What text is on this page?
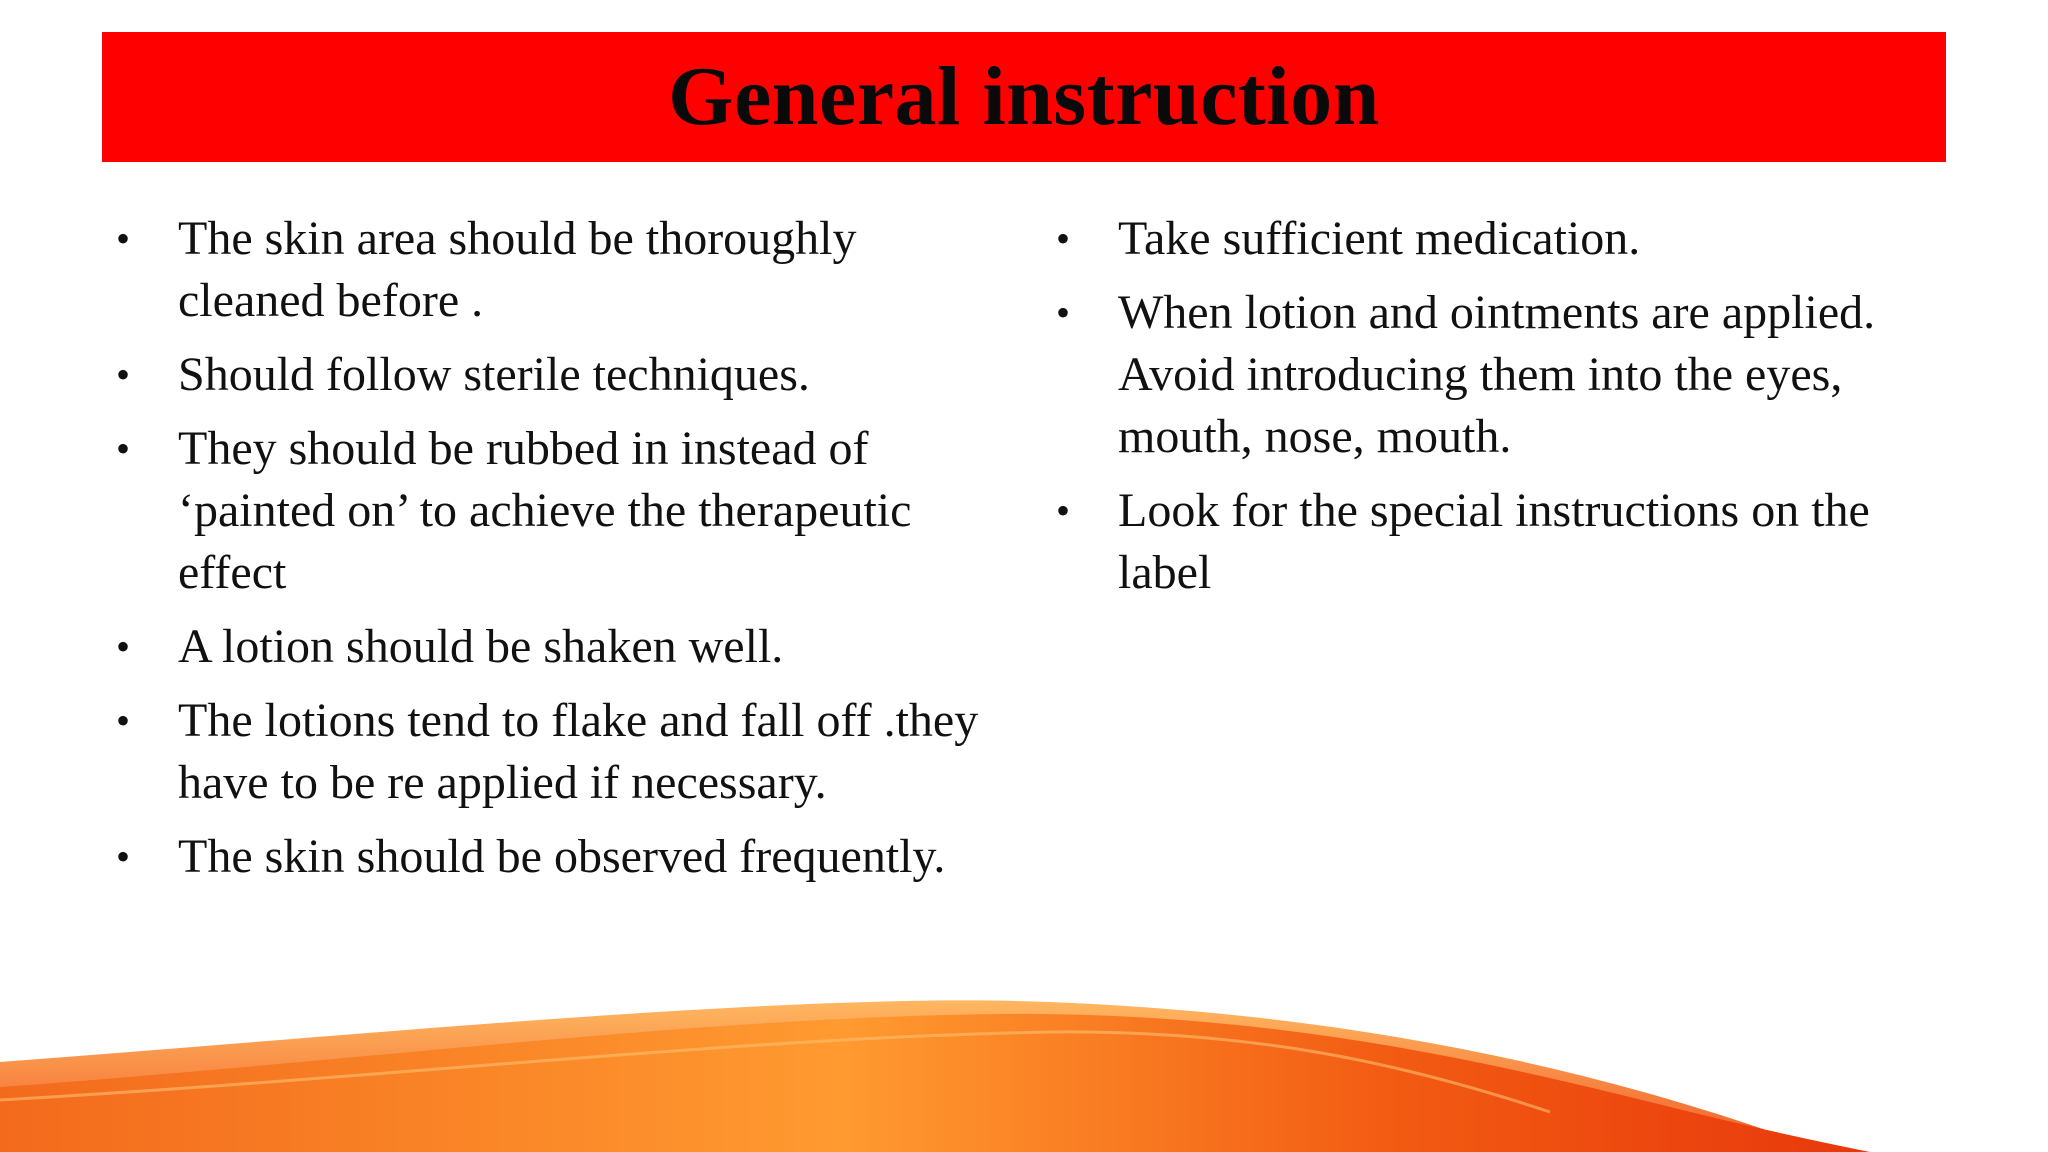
General instruction
• The skin area should be thoroughly cleaned before .
• Should follow sterile techniques.
• They should be rubbed in instead of ‘painted on’ to achieve the therapeutic effect
• A lotion should be shaken well.
• The lotions tend to flake and fall off .they have to be re applied if necessary.
• The skin should be observed frequently.
• Take sufficient medication.
• When lotion and ointments are applied. Avoid introducing them into the eyes, mouth, nose, mouth.
• Look for the special instructions on the label
